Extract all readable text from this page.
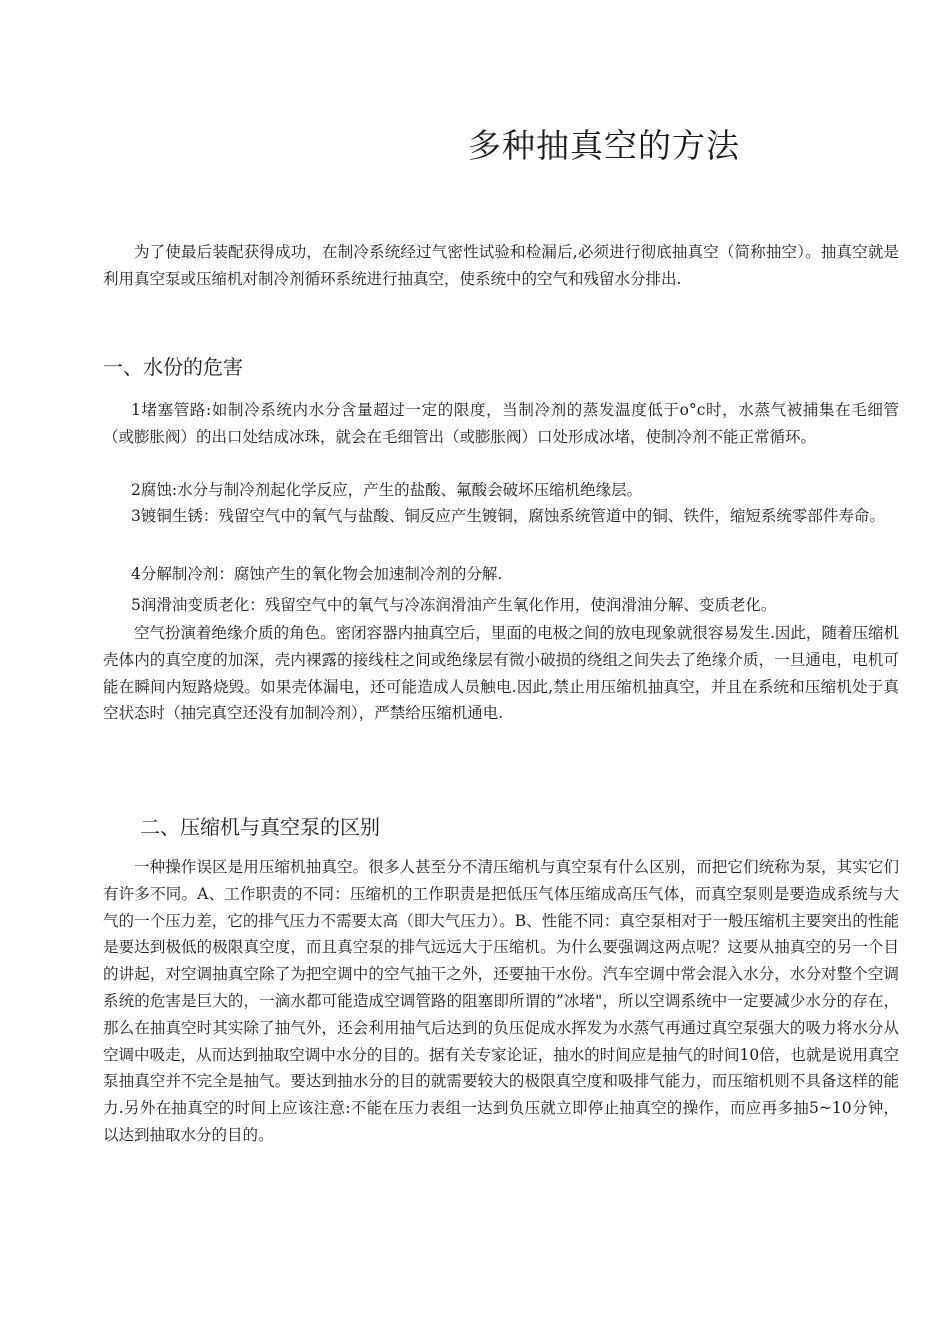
多种抽真空的方法

为了使最后装配获得成功，在制冷系统经过气密性试验和检漏后,必须进行彻底抽真空（简称抽空）。抽真空就是利用真空泵或压缩机对制冷剂循环系统进行抽真空，使系统中的空气和残留水分排出.

一、水份的危害

1堵塞管路:如制冷系统内水分含量超过一定的限度，当制冷剂的蒸发温度低于o°c时，水蒸气被捕集在毛细管（或膨胀阀）的出口处结成冰珠，就会在毛细管出（或膨胀阀）口处形成冰堵，使制冷剂不能正常循环。

2腐蚀:水分与制冷剂起化学反应，产生的盐酸、氟酸会破坏压缩机绝缘层。

3镀铜生锈：残留空气中的氧气与盐酸、铜反应产生镀铜，腐蚀系统管道中的铜、铁件，缩短系统零部件寿命。

4分解制冷剂：腐蚀产生的氧化物会加速制冷剂的分解.

5润滑油变质老化：残留空气中的氧气与冷冻润滑油产生氧化作用，使润滑油分解、变质老化。

空气扮演着绝缘介质的角色。密闭容器内抽真空后，里面的电极之间的放电现象就很容易发生.因此，随着压缩机壳体内的真空度的加深，壳内裸露的接线柱之间或绝缘层有微小破损的绕组之间失去了绝缘介质，一旦通电，电机可能在瞬间内短路烧毁。如果壳体漏电，还可能造成人员触电.因此,禁止用压缩机抽真空，并且在系统和压缩机处于真空状态时（抽完真空还没有加制冷剂），严禁给压缩机通电.

二、压缩机与真空泵的区别

一种操作误区是用压缩机抽真空。很多人甚至分不清压缩机与真空泵有什么区别，而把它们统称为泵，其实它们有许多不同。A、工作职责的不同：压缩机的工作职责是把低压气体压缩成高压气体，而真空泵则是要造成系统与大气的一个压力差，它的排气压力不需要太高（即大气压力）。B、性能不同：真空泵相对于一般压缩机主要突出的性能是要达到极低的极限真空度，而且真空泵的排气远远大于压缩机。为什么要强调这两点呢？这要从抽真空的另一个目的讲起，对空调抽真空除了为把空调中的空气抽干之外，还要抽干水份。汽车空调中常会混入水分，水分对整个空调系统的危害是巨大的，一滴水都可能造成空调管路的阻塞即所谓的”冰堵"，所以空调系统中一定要减少水分的存在，那么在抽真空时其实除了抽气外，还会利用抽气后达到的负压促成水挥发为水蒸气再通过真空泵强大的吸力将水分从空调中吸走，从而达到抽取空调中水分的目的。据有关专家论证，抽水的时间应是抽气的时间10倍，也就是说用真空泵抽真空并不完全是抽气。要达到抽水分的目的就需要较大的极限真空度和吸排气能力，而压缩机则不具备这样的能力.另外在抽真空的时间上应该注意:不能在压力表组一达到负压就立即停止抽真空的操作，而应再多抽5~10分钟，以达到抽取水分的目的。
